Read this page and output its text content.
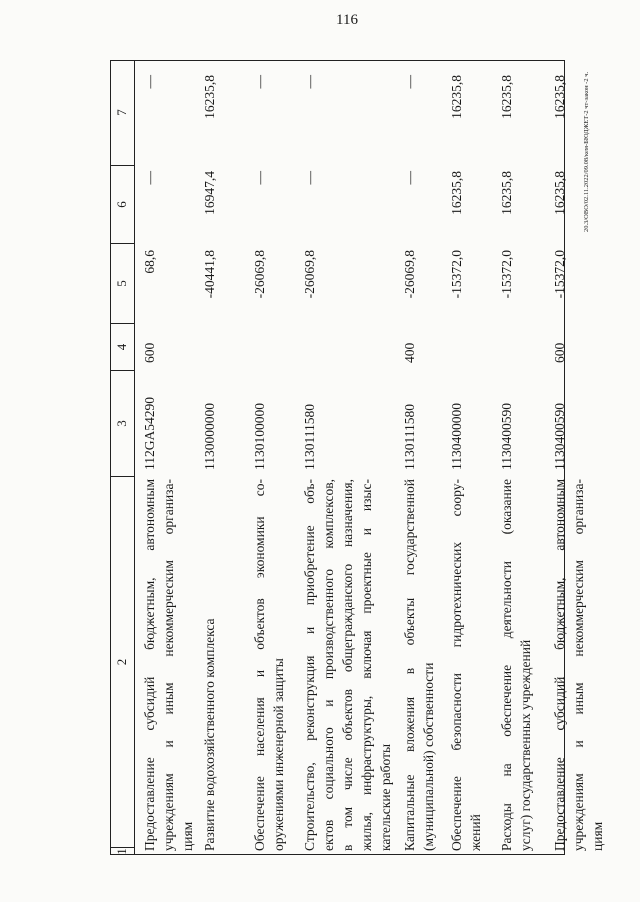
116
20.3/OBO/02.11.2022/09.08/кем-БЮДЖЕТ-2 чт-закон -2 ч.
1
2
3
4
5
6
7
Предоставление субсидий бюджетным, автономным учреждениям и иным некоммерческим организа- циям
112GA54290
600
68,6
—
—
Развитие водохозяйственного комплекса
1130000000
-40441,8
16947,4
16235,8
Обеспечение населения и объектов экономики со- оружениями инженерной защиты
1130100000
-26069,8
—
—
Строительство, реконструкция и приобретение объ- ектов социального и производственного комплексов, в том числе объектов общегражданского назначения, жилья, инфраструктуры, включая проектные и изыс- кательские работы
1130111580
-26069,8
—
—
Капитальные вложения в объекты государственной (муниципальной) собственности
1130111580
400
-26069,8
—
—
Обеспечение безопасности гидротехнических соору- жений
1130400000
-15372,0
16235,8
16235,8
Расходы на обеспечение деятельности (оказание услуг) государственных учреждений
1130400590
-15372,0
16235,8
16235,8
Предоставление субсидий бюджетным, автономным учреждениям и иным некоммерческим организа- циям
1130400590
600
-15372,0
16235,8
16235,8
